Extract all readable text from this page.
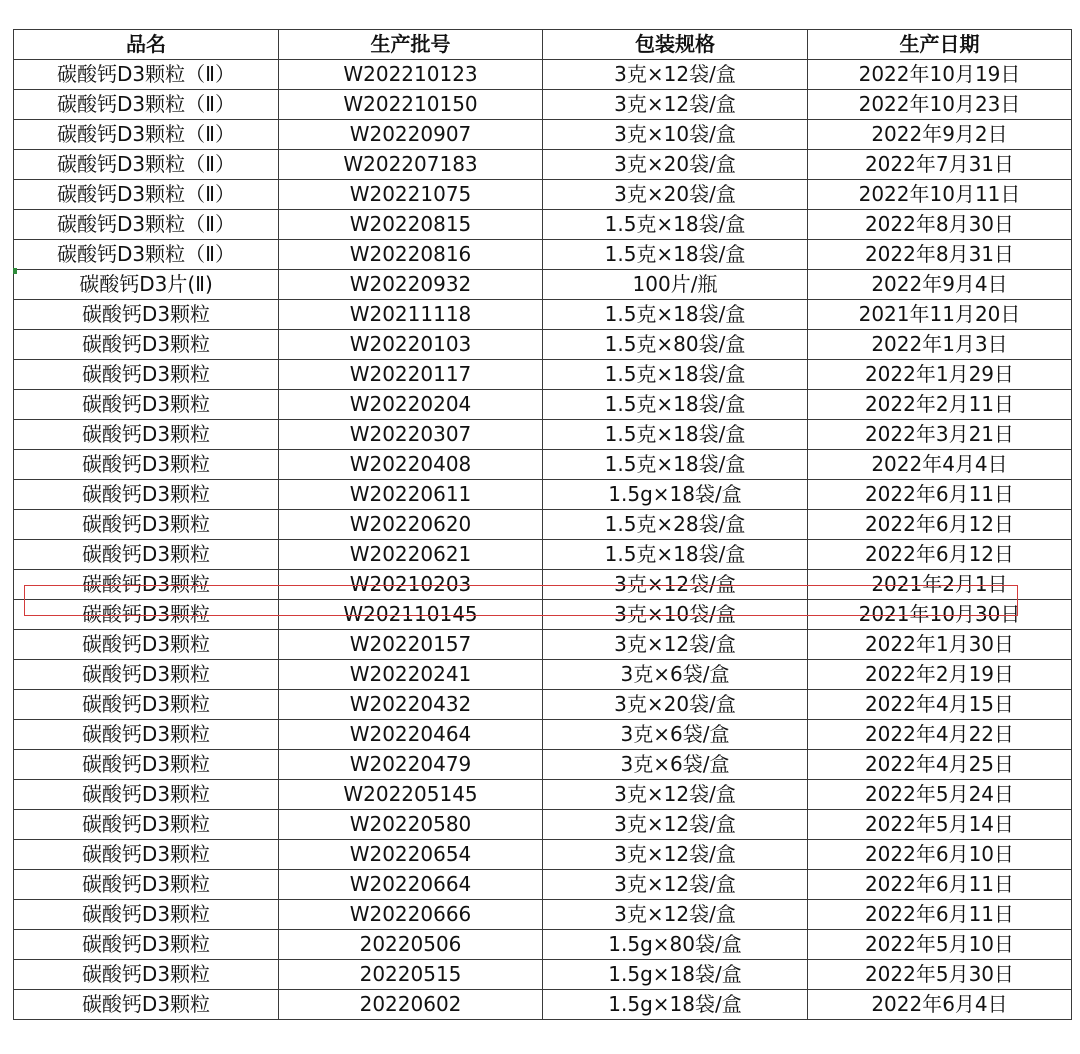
品名	生产批号	包装规格	生产日期
碳酸钙D3颗粒（Ⅱ）	W202210123	3克×12袋/盒	2022年10月19日
碳酸钙D3颗粒（Ⅱ）	W202210150	3克×12袋/盒	2022年10月23日
碳酸钙D3颗粒（Ⅱ）	W20220907	3克×10袋/盒	2022年9月2日
碳酸钙D3颗粒（Ⅱ）	W202207183	3克×20袋/盒	2022年7月31日
碳酸钙D3颗粒（Ⅱ）	W20221075	3克×20袋/盒	2022年10月11日
碳酸钙D3颗粒（Ⅱ）	W20220815	1.5克×18袋/盒	2022年8月30日
碳酸钙D3颗粒（Ⅱ）	W20220816	1.5克×18袋/盒	2022年8月31日
碳酸钙D3片(Ⅱ)	W20220932	100片/瓶	2022年9月4日
碳酸钙D3颗粒	W20211118	1.5克×18袋/盒	2021年11月20日
碳酸钙D3颗粒	W20220103	1.5克×80袋/盒	2022年1月3日
碳酸钙D3颗粒	W20220117	1.5克×18袋/盒	2022年1月29日
碳酸钙D3颗粒	W20220204	1.5克×18袋/盒	2022年2月11日
碳酸钙D3颗粒	W20220307	1.5克×18袋/盒	2022年3月21日
碳酸钙D3颗粒	W20220408	1.5克×18袋/盒	2022年4月4日
碳酸钙D3颗粒	W20220611	1.5g×18袋/盒	2022年6月11日
碳酸钙D3颗粒	W20220620	1.5克×28袋/盒	2022年6月12日
碳酸钙D3颗粒	W20220621	1.5克×18袋/盒	2022年6月12日
碳酸钙D3颗粒	W20210203	3克×12袋/盒	2021年2月1日
碳酸钙D3颗粒	W202110145	3克×10袋/盒	2021年10月30日
碳酸钙D3颗粒	W20220157	3克×12袋/盒	2022年1月30日
碳酸钙D3颗粒	W20220241	3克×6袋/盒	2022年2月19日
碳酸钙D3颗粒	W20220432	3克×20袋/盒	2022年4月15日
碳酸钙D3颗粒	W20220464	3克×6袋/盒	2022年4月22日
碳酸钙D3颗粒	W20220479	3克×6袋/盒	2022年4月25日
碳酸钙D3颗粒	W202205145	3克×12袋/盒	2022年5月24日
碳酸钙D3颗粒	W20220580	3克×12袋/盒	2022年5月14日
碳酸钙D3颗粒	W20220654	3克×12袋/盒	2022年6月10日
碳酸钙D3颗粒	W20220664	3克×12袋/盒	2022年6月11日
碳酸钙D3颗粒	W20220666	3克×12袋/盒	2022年6月11日
碳酸钙D3颗粒	20220506	1.5g×80袋/盒	2022年5月10日
碳酸钙D3颗粒	20220515	1.5g×18袋/盒	2022年5月30日
碳酸钙D3颗粒	20220602	1.5g×18袋/盒	2022年6月4日
